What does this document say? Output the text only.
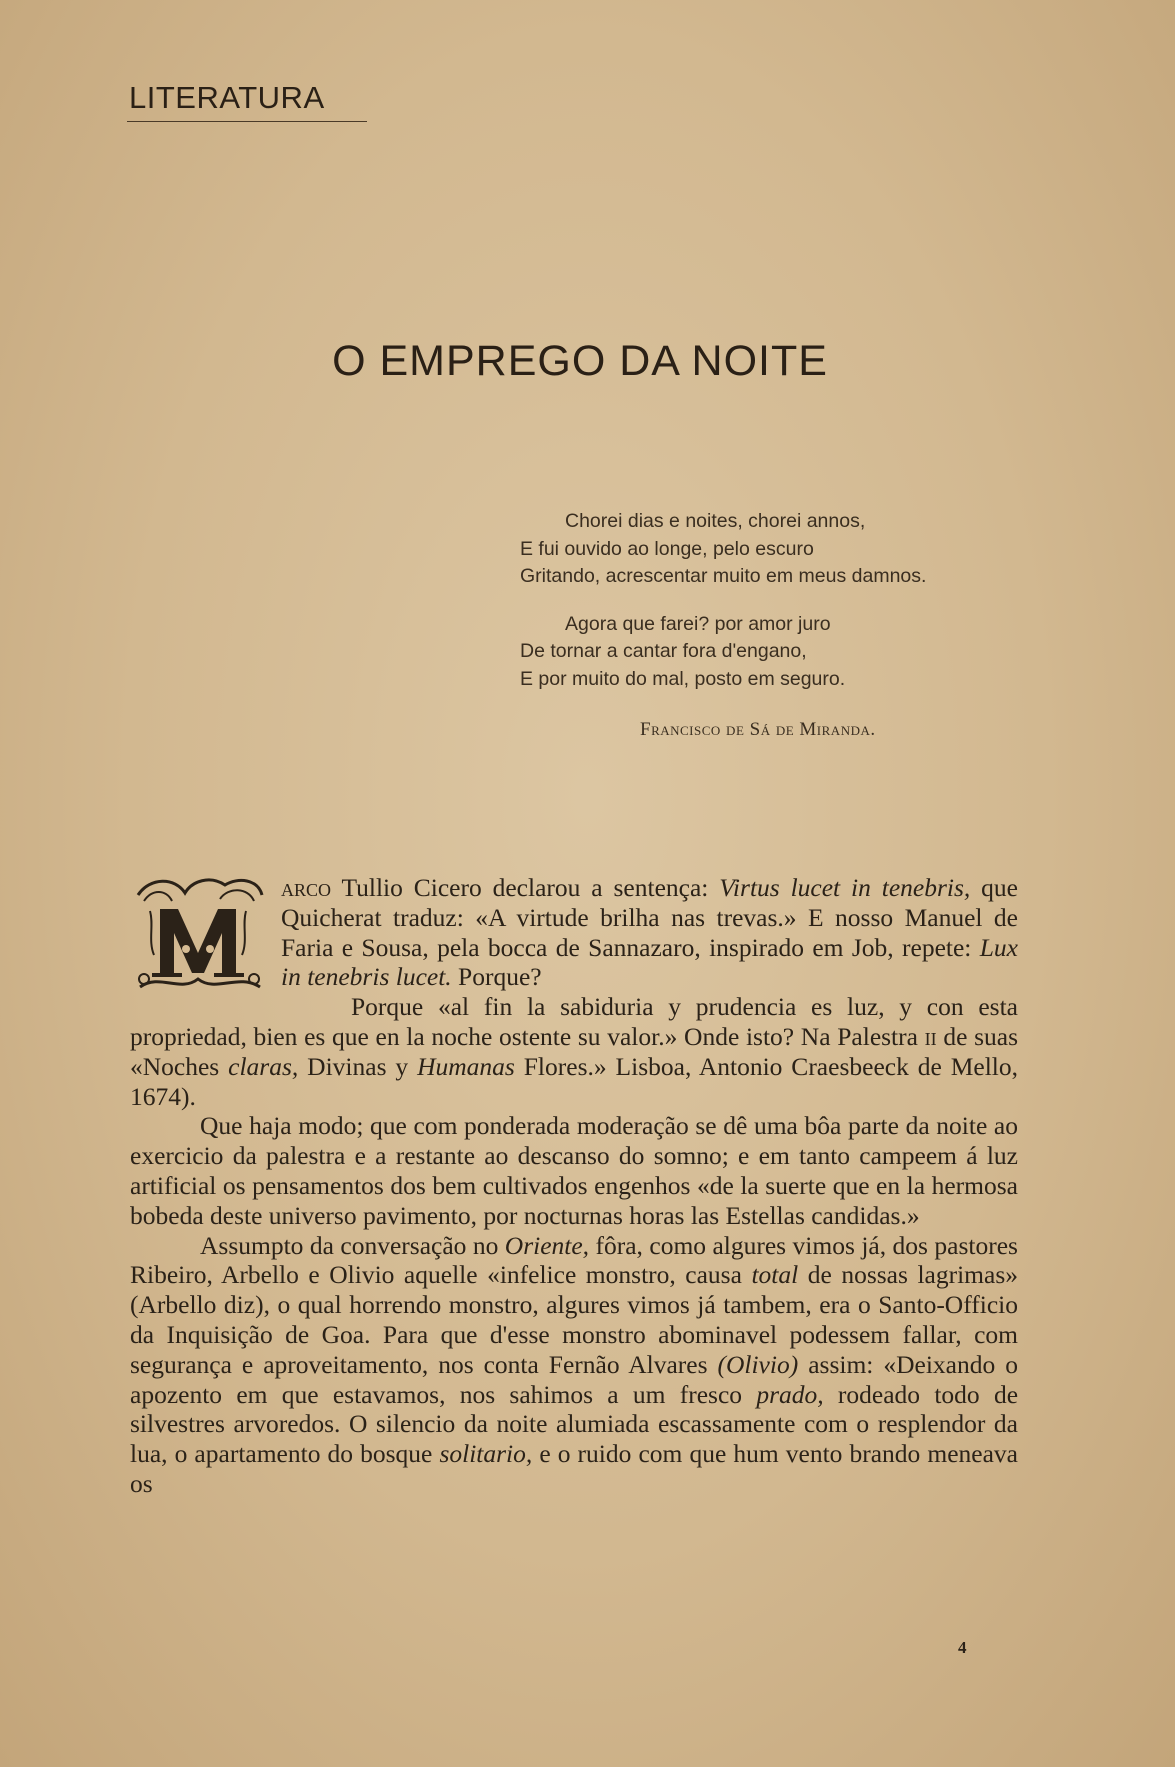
LITERATURA
O EMPREGO DA NOITE
Chorei dias e noites, chorei annos,
E fui ouvido ao longe, pelo escuro
Gritando, acrescentar muito em meus damnos.
Agora que farei? por amor juro
De tornar a cantar fora d'engano,
E por muito do mal, posto em seguro.
Francisco de Sá de Miranda.

arco Tullio Cicero declarou a sentença: Virtus lucet in tenebris, que Quicherat traduz: «A virtude brilha nas trevas.» E nosso Manuel de Faria e Sousa, pela bocca de Sannazaro, inspirado em Job, repete: Lux in tenebris lucet. Porque?

Porque «al fin la sabiduria y prudencia es luz, y con esta propriedad, bien es que en la noche ostente su valor.» Onde isto? Na Palestra ii de suas «Noches claras, Divinas y Humanas Flores.» Lisboa, Antonio Craesbeeck de Mello, 1674).

Que haja modo; que com ponderada moderação se dê uma bôa parte da noite ao exercicio da palestra e a restante ao descanso do somno; e em tanto campeem á luz artificial os pensamentos dos bem cultivados engenhos «de la suerte que en la hermosa bobeda deste universo pavimento, por nocturnas horas las Estellas candidas.»

Assumpto da conversação no Oriente, fôra, como algures vimos já, dos pastores Ribeiro, Arbello e Olivio aquelle «infelice monstro, causa total de nossas lagrimas» (Arbello diz), o qual horrendo monstro, algures vimos já tambem, era o Santo-Officio da Inquisição de Goa. Para que d'esse monstro abominavel podessem fallar, com segurança e aproveitamento, nos conta Fernão Alvares (Olivio) assim: «Deixando o apozento em que estavamos, nos sahimos a um fresco prado, rodeado todo de silvestres arvoredos. O silencio da noite alumiada escassamente com o resplendor da lua, o apartamento do bosque solitario, e o ruido com que hum vento brando meneava os

4
